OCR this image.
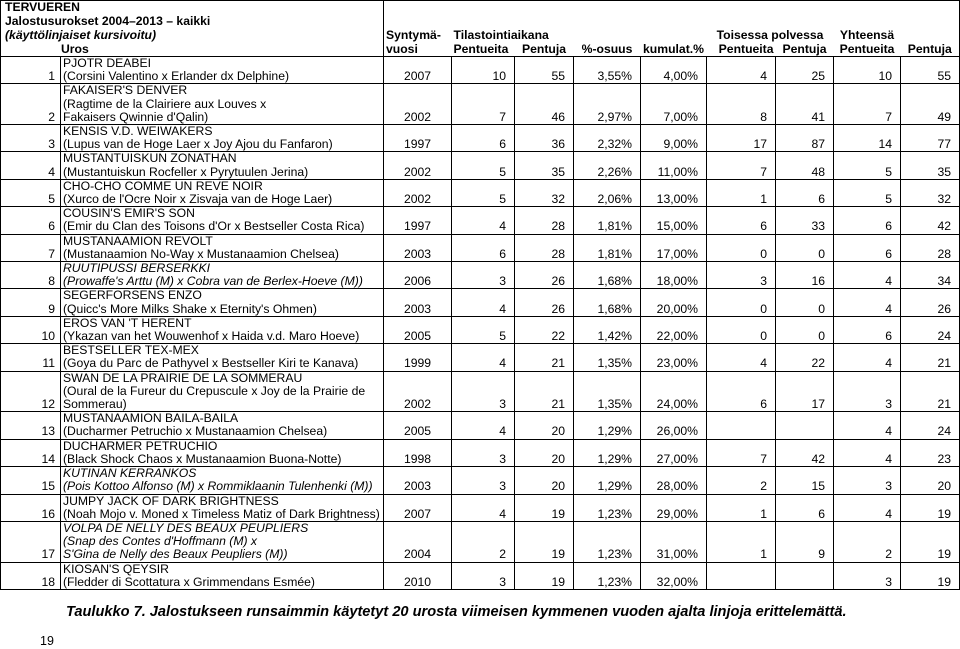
TERVUEREN										
Jalostusurokset 2004–2013 – kaikki										
(käyttölinjaiset kursivoitu)		Syntymä-	Tilastointiaikana				Toisessa polvessa		Yhteensä	
Uros		vuosi	Pentueita	Pentuja	%-osuus	kumulat.%	Pentueita	Pentuja	Pentueita	Pentuja
1	PJOTR DEABEI
(Corsini Valentino x Erlander dx Delphine)	2007	10	55	3,55%	4,00%	4	25	10	55
2	FAKAISER'S DENVER
(Ragtime de la Clairiere aux Louves x
Fakaisers Qwinnie d'Qalin)	2002	7	46	2,97%	7,00%	8	41	7	49
3	KENSIS V.D. WEIWAKERS
(Lupus van de Hoge Laer x Joy Ajou du Fanfaron)	1997	6	36	2,32%	9,00%	17	87	14	77
4	MUSTANTUISKUN ZONATHAN
(Mustantuiskun Rocfeller x Pyrytuulen Jerina)	2002	5	35	2,26%	11,00%	7	48	5	35
5	CHO-CHO COMME UN REVE NOIR
(Xurco de l'Ocre Noir x Zisvaja van de Hoge Laer)	2002	5	32	2,06%	13,00%	1	6	5	32
6	COUSIN'S EMIR'S SON
(Emir du Clan des Toisons d'Or x Bestseller Costa Rica)	1997	4	28	1,81%	15,00%	6	33	6	42
7	MUSTANAAMION REVOLT
(Mustanaamion No-Way x Mustanaamion Chelsea)	2003	6	28	1,81%	17,00%	0	0	6	28
8	RUUTIPUSSI BERSERKKI
(Prowaffe's Arttu (M) x Cobra van de Berlex-Hoeve (M))	2006	3	26	1,68%	18,00%	3	16	4	34
9	SEGERFORSENS ENZO
(Quicc's More Milks Shake x Eternity's Ohmen)	2003	4	26	1,68%	20,00%	0	0	4	26
10	EROS VAN 'T HERENT
(Ykazan van het Wouwenhof x Haida v.d. Maro Hoeve)	2005	5	22	1,42%	22,00%	0	0	6	24
11	BESTSELLER TEX-MEX
(Goya du Parc de Pathyvel x Bestseller Kiri te Kanava)	1999	4	21	1,35%	23,00%	4	22	4	21
12	SWAN DE LA PRAIRIE DE LA SOMMERAU
(Oural de la Fureur du Crepuscule x Joy de la Prairie de
Sommerau)	2002	3	21	1,35%	24,00%	6	17	3	21
13	MUSTANAAMION BAILA-BAILA
(Ducharmer Petruchio x Mustanaamion Chelsea)	2005	4	20	1,29%	26,00%			4	24
14	DUCHARMER PETRUCHIO
(Black Shock Chaos x Mustanaamion Buona-Notte)	1998	3	20	1,29%	27,00%	7	42	4	23
15	KUTINAN KERRANKOS
(Pois Kottoo Alfonso (M) x Rommiklaanin Tulenhenki (M))	2003	3	20	1,29%	28,00%	2	15	3	20
16	JUMPY JACK OF DARK BRIGHTNESS
(Noah Mojo v. Moned x Timeless Matiz of Dark Brightness)	2007	4	19	1,23%	29,00%	1	6	4	19
17	VOLPA DE NELLY DES BEAUX PEUPLIERS
(Snap des Contes d'Hoffmann (M) x
S'Gina de Nelly des Beaux Peupliers (M))	2004	2	19	1,23%	31,00%	1	9	2	19
18	KIOSAN'S QEYSIR
(Fledder di Scottatura x Grimmendans Esmée)	2010	3	19	1,23%	32,00%			3	19
Taulukko 7. Jalostukseen runsaimmin käytetyt 20 urosta viimeisen kymmenen vuoden ajalta linjoja erittelemättä.
19
